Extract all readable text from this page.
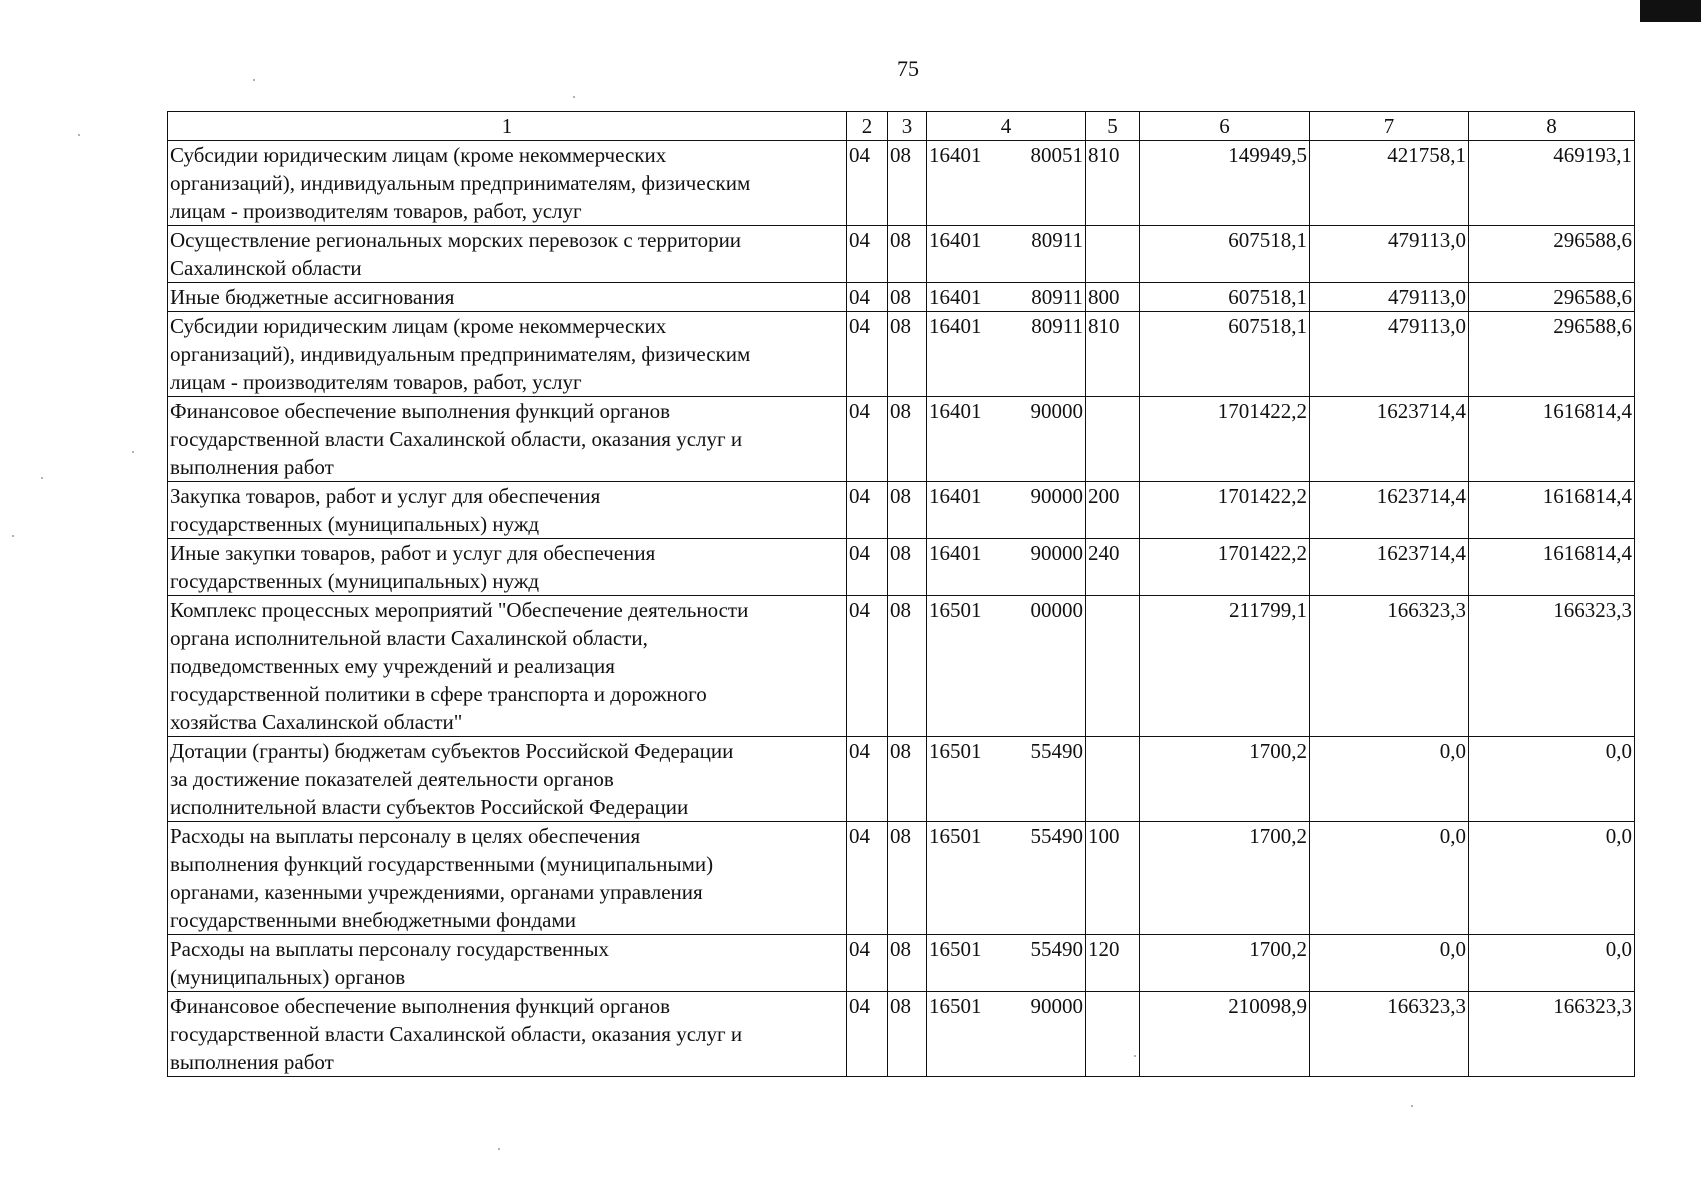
75
1	2	3	4	5	6	7	8
Субсидии юридическим лицам (кроме некоммерческих
организаций), индивидуальным предпринимателям, физическим
лицам - производителям товаров, работ, услуг	04	08	16401 80051	810	149949,5	421758,1	469193,1
Осуществление региональных морских перевозок с территории
Сахалинской области	04	08	16401 80911		607518,1	479113,0	296588,6
Иные бюджетные ассигнования	04	08	16401 80911	800	607518,1	479113,0	296588,6
Субсидии юридическим лицам (кроме некоммерческих
организаций), индивидуальным предпринимателям, физическим
лицам - производителям товаров, работ, услуг	04	08	16401 80911	810	607518,1	479113,0	296588,6
Финансовое обеспечение выполнения функций органов
государственной власти Сахалинской области, оказания услуг и
выполнения работ	04	08	16401 90000		1701422,2	1623714,4	1616814,4
Закупка товаров, работ и услуг для обеспечения
государственных (муниципальных) нужд	04	08	16401 90000	200	1701422,2	1623714,4	1616814,4
Иные закупки товаров, работ и услуг для обеспечения
государственных (муниципальных) нужд	04	08	16401 90000	240	1701422,2	1623714,4	1616814,4
Комплекс процессных мероприятий "Обеспечение деятельности
органа исполнительной власти Сахалинской области,
подведомственных ему учреждений и реализация
государственной политики в сфере транспорта и дорожного
хозяйства Сахалинской области"	04	08	16501 00000		211799,1	166323,3	166323,3
Дотации (гранты) бюджетам субъектов Российской Федерации
за достижение показателей деятельности органов
исполнительной власти субъектов Российской Федерации	04	08	16501 55490		1700,2	0,0	0,0
Расходы на выплаты персоналу в целях обеспечения
выполнения функций государственными (муниципальными)
органами, казенными учреждениями, органами управления
государственными внебюджетными фондами	04	08	16501 55490	100	1700,2	0,0	0,0
Расходы на выплаты персоналу государственных
(муниципальных) органов	04	08	16501 55490	120	1700,2	0,0	0,0
Финансовое обеспечение выполнения функций органов
государственной власти Сахалинской области, оказания услуг и
выполнения работ	04	08	16501 90000		210098,9	166323,3	166323,3
